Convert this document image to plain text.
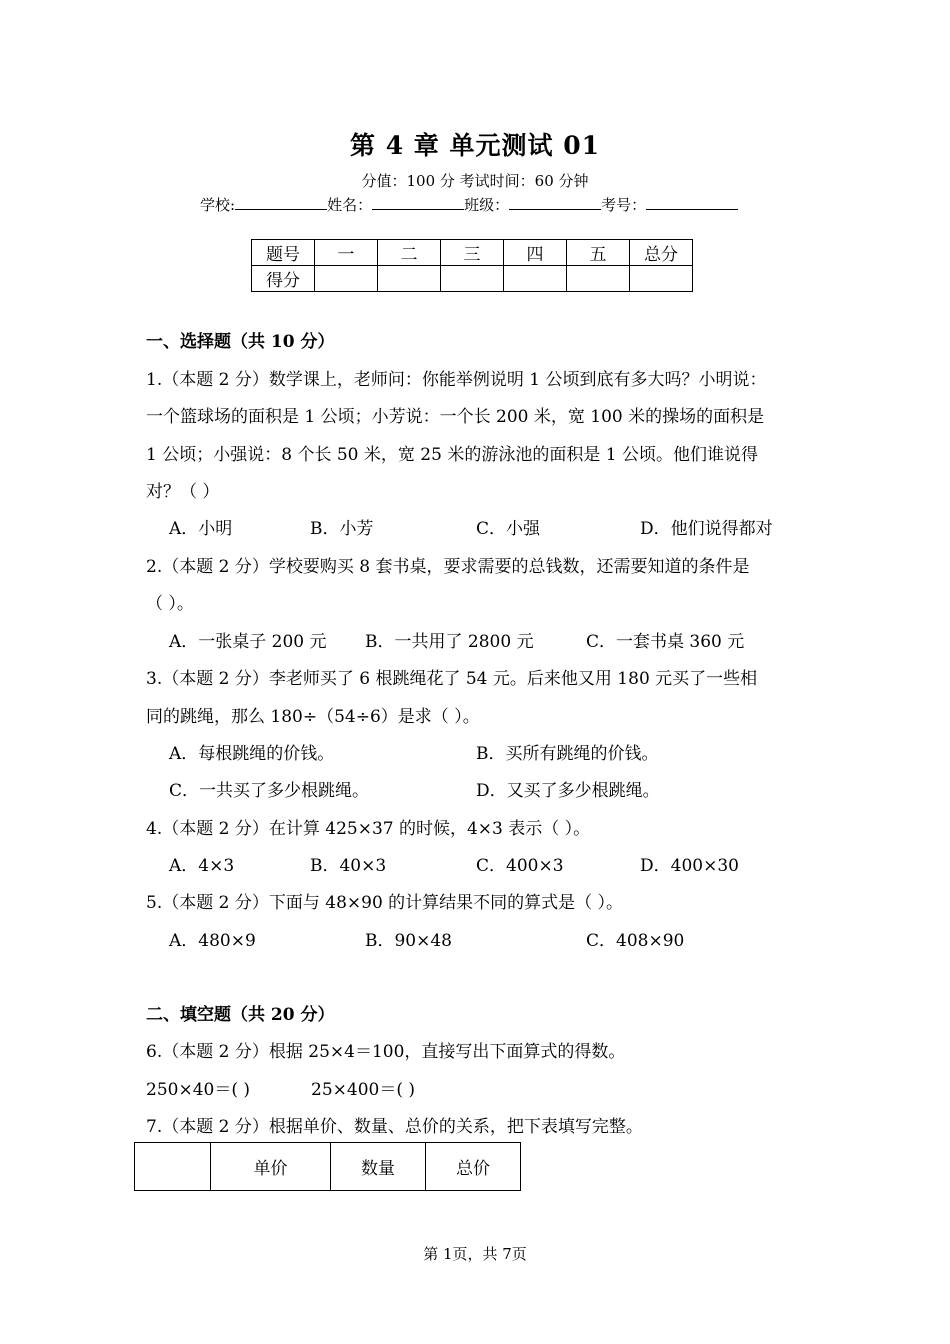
第 4 章 单元测试 01
分值：100 分 考试时间：60 分钟
学校:	姓名：	班级：	考号：
题号	一	二	三	四	五	总分
得分						
一、选择题（共 10 分）
1.（本题 2 分）数学课上，老师问：你能举例说明 1 公顷到底有多大吗？小明说：
一个篮球场的面积是 1 公顷；小芳说：一个长 200 米，宽 100 米的操场的面积是
1 公顷；小强说：8 个长 50 米，宽 25 米的游泳池的面积是 1 公顷。他们谁说得
对？（ ）
A．小明	B．小芳	C．小强	D．他们说得都对
2.（本题 2 分）学校要购买 8 套书桌，要求需要的总钱数，还需要知道的条件是
（ ）。
A．一张桌子 200 元 B．一共用了 2800 元	C．一套书桌 360 元
3.（本题 2 分）李老师买了 6 根跳绳花了 54 元。后来他又用 180 元买了一些相
同的跳绳，那么 180÷（54÷6）是求（ ）。
A．每根跳绳的价钱。	B．买所有跳绳的价钱。
C．一共买了多少根跳绳。	D．又买了多少根跳绳。
4.（本题 2 分）在计算 425×37 的时候，4×3 表示（ ）。
A．4×3	B．40×3	C．400×3	D．400×30
5.（本题 2 分）下面与 48×90 的计算结果不同的算式是（ ）。
A．480×9	B．90×48	C．408×90
二、填空题（共 20 分）
6.（本题 2 分）根据 25×4＝100，直接写出下面算式的得数。
250×40＝( )	25×400＝( )
7.（本题 2 分）根据单价、数量、总价的关系，把下表填写完整。
	单价	数量	总价
第 1页，共 7页
